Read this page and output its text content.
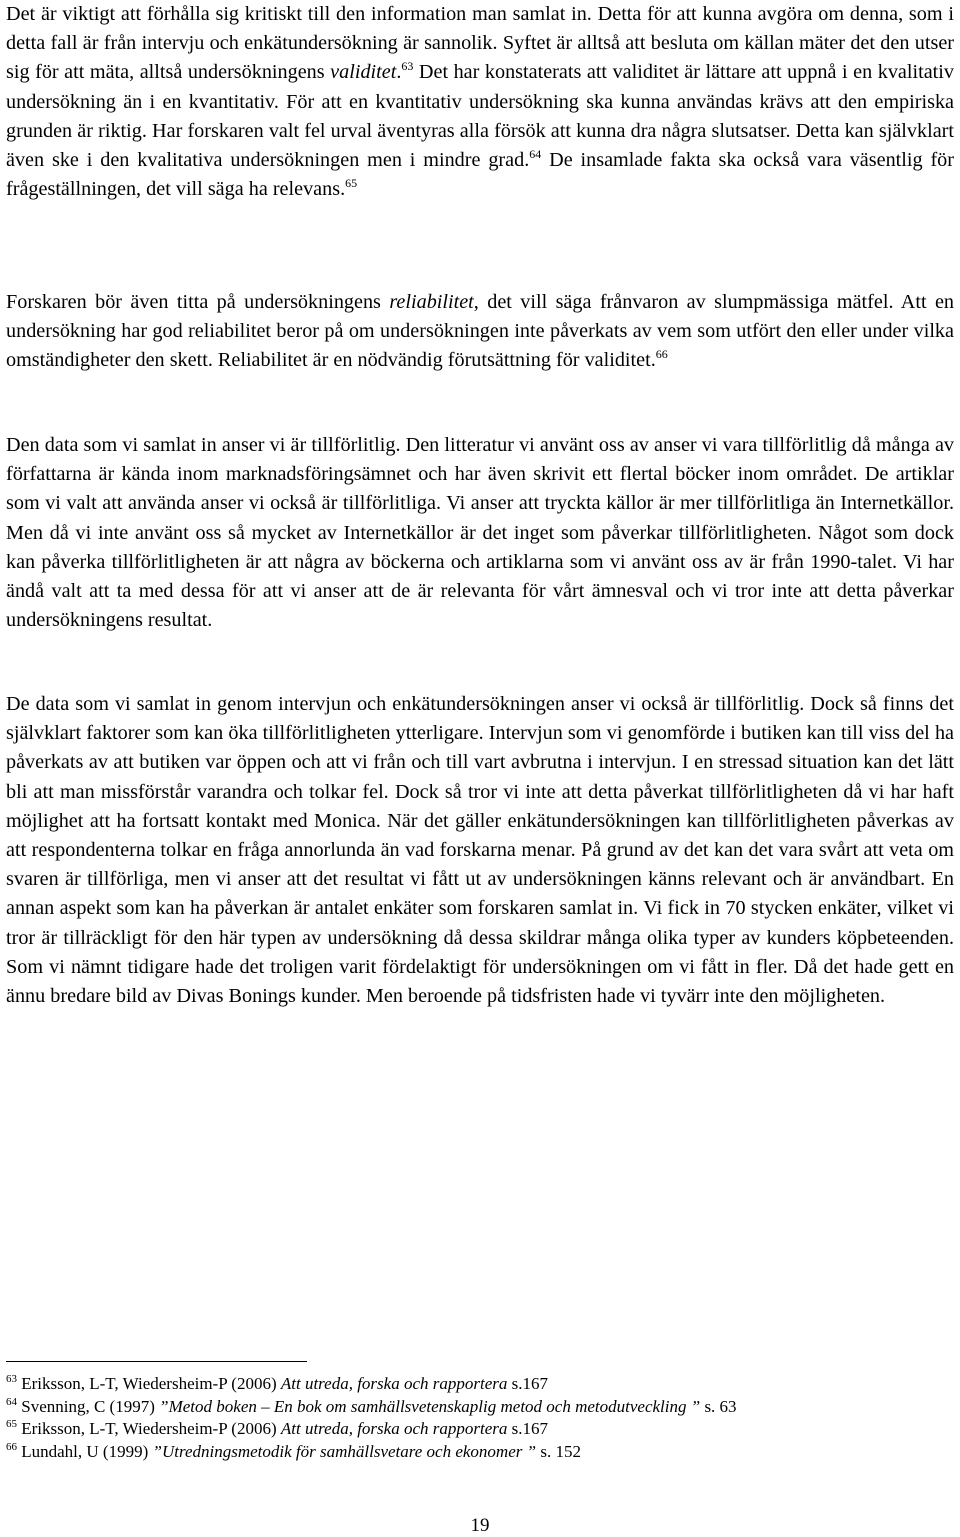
Det är viktigt att förhålla sig kritiskt till den information man samlat in. Detta för att kunna avgöra om denna, som i detta fall är från intervju och enkätundersökning är sannolik. Syftet är alltså att besluta om källan mäter det den utser sig för att mäta, alltså undersökningens validitet.$^{63}$ Det har konstaterats att validitet är lättare att uppnå i en kvalitativ undersökning än i en kvantitativ. För att en kvantitativ undersökning ska kunna användas krävs att den empiriska grunden är riktig. Har forskaren valt fel urval äventyras alla försök att kunna dra några slutsatser. Detta kan självklart även ske i den kvalitativa undersökningen men i mindre grad.$^{64}$ De insamlade fakta ska också vara väsentlig för frågeställningen, det vill säga ha relevans.$^{65}$

Forskaren bör även titta på undersökningens reliabilitet, det vill säga frånvaron av slumpmässiga mätfel. Att en undersökning har god reliabilitet beror på om undersökningen inte påverkats av vem som utfört den eller under vilka omständigheter den skett. Reliabilitet är en nödvändig förutsättning för validitet.$^{66}$

Den data som vi samlat in anser vi är tillförlitlig. Den litteratur vi använt oss av anser vi vara tillförlitlig då många av författarna är kända inom marknadsföringsämnet och har även skrivit ett flertal böcker inom området. De artiklar som vi valt att använda anser vi också är tillförlitliga. Vi anser att tryckta källor är mer tillförlitliga än Internetkällor. Men då vi inte använt oss så mycket av Internetkällor är det inget som påverkar tillförlitligheten. Något som dock kan påverka tillförlitligheten är att några av böckerna och artiklarna som vi använt oss av är från 1990-talet. Vi har ändå valt att ta med dessa för att vi anser att de är relevanta för vårt ämnesval och vi tror inte att detta påverkar undersökningens resultat.

De data som vi samlat in genom intervjun och enkätundersökningen anser vi också är tillförlitlig. Dock så finns det självklart faktorer som kan öka tillförlitligheten ytterligare. Intervjun som vi genomförde i butiken kan till viss del ha påverkats av att butiken var öppen och att vi från och till vart avbrutna i intervjun. I en stressad situation kan det lätt bli att man missförstår varandra och tolkar fel. Dock så tror vi inte att detta påverkat tillförlitligheten då vi har haft möjlighet att ha fortsatt kontakt med Monica. När det gäller enkätundersökningen kan tillförlitligheten påverkas av att respondenterna tolkar en fråga annorlunda än vad forskarna menar. På grund av det kan det vara svårt att veta om svaren är tillförliga, men vi anser att det resultat vi fått ut av undersökningen känns relevant och är användbart. En annan aspekt som kan ha påverkan är antalet enkäter som forskaren samlat in. Vi fick in 70 stycken enkäter, vilket vi tror är tillräckligt för den här typen av undersökning då dessa skildrar många olika typer av kunders köpbeteenden. Som vi nämnt tidigare hade det troligen varit fördelaktigt för undersökningen om vi fått in fler. Då det hade gett en ännu bredare bild av Divas Bonings kunder. Men beroende på tidsfristen hade vi tyvärr inte den möjligheten.

$^{63}$ Eriksson, L-T, Wiedersheim-P (2006) Att utreda, forska och rapportera s.167

$^{64}$ Svenning, C (1997) ”Metod boken – En bok om samhällsvetenskaplig metod och metodutveckling ” s. 63

$^{65}$ Eriksson, L-T, Wiedersheim-P (2006) Att utreda, forska och rapportera s.167

$^{66}$ Lundahl, U (1999) ”Utredningsmetodik för samhällsvetare och ekonomer ” s. 152

19
